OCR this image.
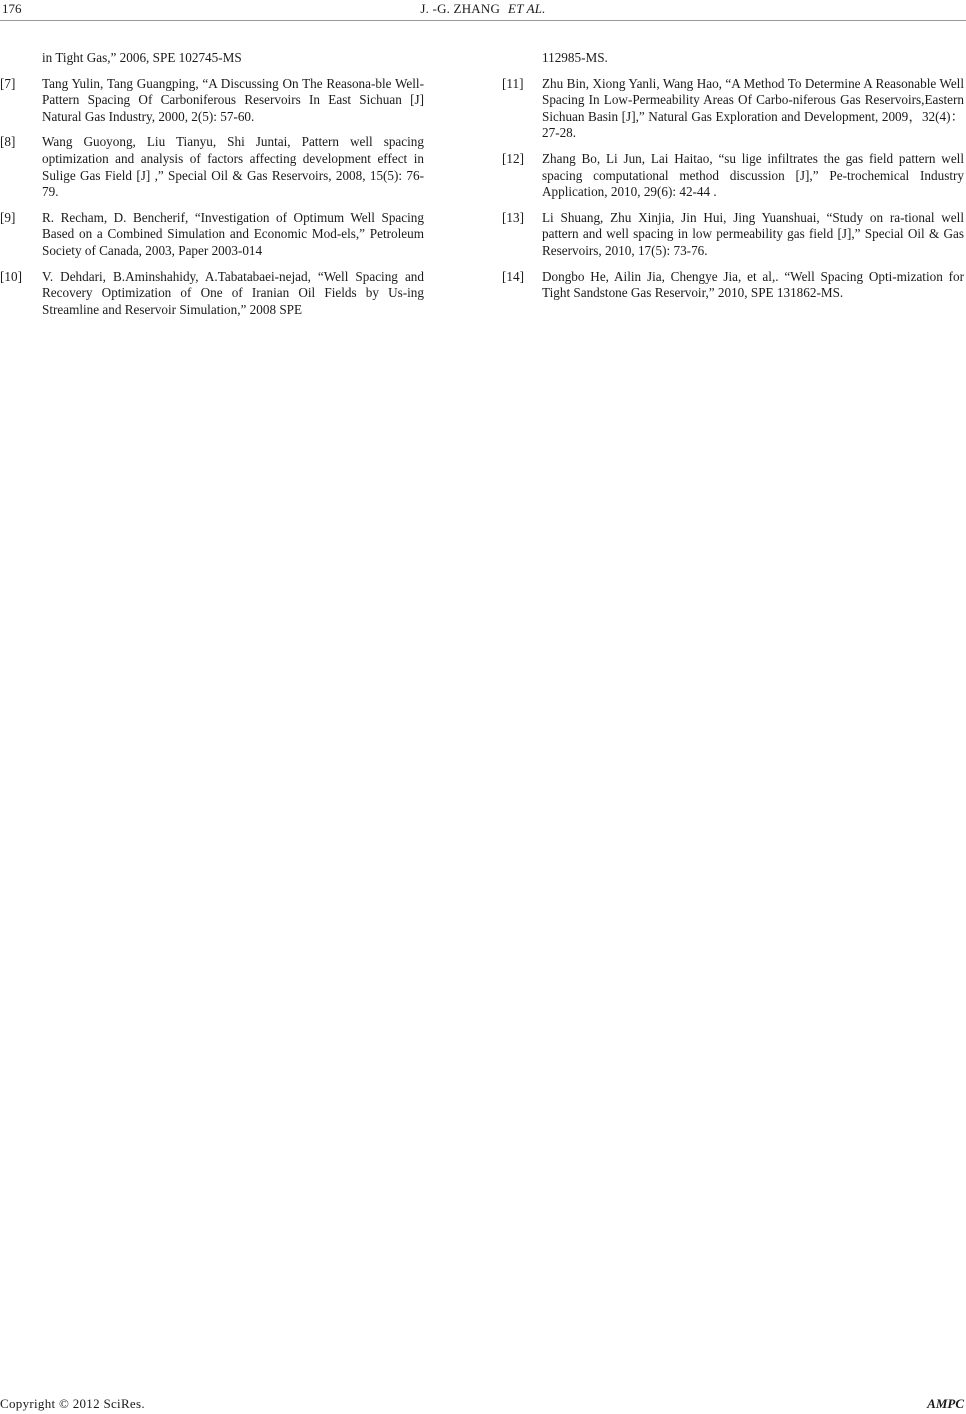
176	J. -G. ZHANG ET AL.
in Tight Gas,” 2006, SPE 102745-MS
[7]	Tang Yulin, Tang Guangping, “A Discussing On The Reasona-ble Well-Pattern Spacing Of Carboniferous Reservoirs In East Sichuan [J] Natural Gas Industry, 2000, 2(5): 57-60.
[8]	Wang Guoyong, Liu Tianyu, Shi Juntai, Pattern well spacing optimization and analysis of factors affecting development effect in Sulige Gas Field [J] ,” Special Oil & Gas Reservoirs, 2008, 15(5): 76-79.
[9]	R. Recham, D. Bencherif, “Investigation of Optimum Well Spacing Based on a Combined Simulation and Economic Mod-els,” Petroleum Society of Canada, 2003, Paper 2003-014
[10]	V. Dehdari, B.Aminshahidy, A.Tabatabaei-nejad, “Well Spacing and Recovery Optimization of One of Iranian Oil Fields by Us-ing Streamline and Reservoir Simulation,” 2008 SPE
112985-MS.
[11]	Zhu Bin, Xiong Yanli, Wang Hao, “A Method To Determine A Reasonable Well Spacing In Low-Permeability Areas Of Carbo-niferous Gas Reservoirs,Eastern Sichuan Basin [J],” Natural Gas Exploration and Development, 2009，32(4)：27-28.
[12]	Zhang Bo, Li Jun, Lai Haitao, “su lige infiltrates the gas field pattern well spacing computational method discussion [J],” Pe-trochemical Industry Application, 2010, 29(6): 42-44 .
[13]	Li Shuang, Zhu Xinjia, Jin Hui, Jing Yuanshuai, “Study on ra-tional well pattern and well spacing in low permeability gas field [J],” Special Oil & Gas Reservoirs, 2010, 17(5): 73-76.
[14]	Dongbo He, Ailin Jia, Chengye Jia, et al,. “Well Spacing Opti-mization for Tight Sandstone Gas Reservoir,” 2010, SPE 131862-MS.
Copyright © 2012 SciRes.	AMPC
